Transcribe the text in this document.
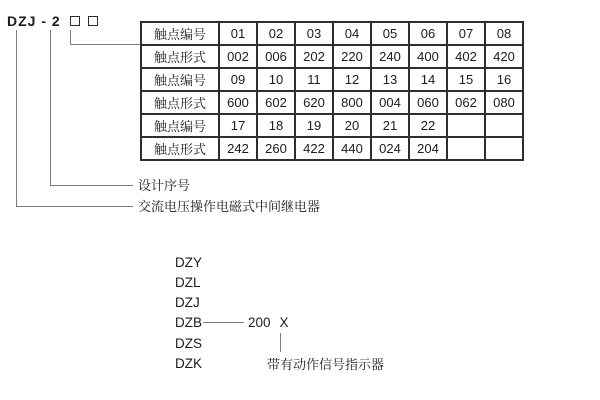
DZJ - 2
触点编号	01	02	03	04	05	06	07	08
触点形式	002	006	202	220	240	400	402	420
触点编号	09	10	11	12	13	14	15	16
触点形式	600	602	620	800	004	060	062	080
触点编号	17	18	19	20	21	22		
触点形式	242	260	422	440	024	204		
设计序号
交流电压操作电磁式中间继电器
DZY
DZL
DZJ
DZB
DZS
DZK
200 X
带有动作信号指示器
